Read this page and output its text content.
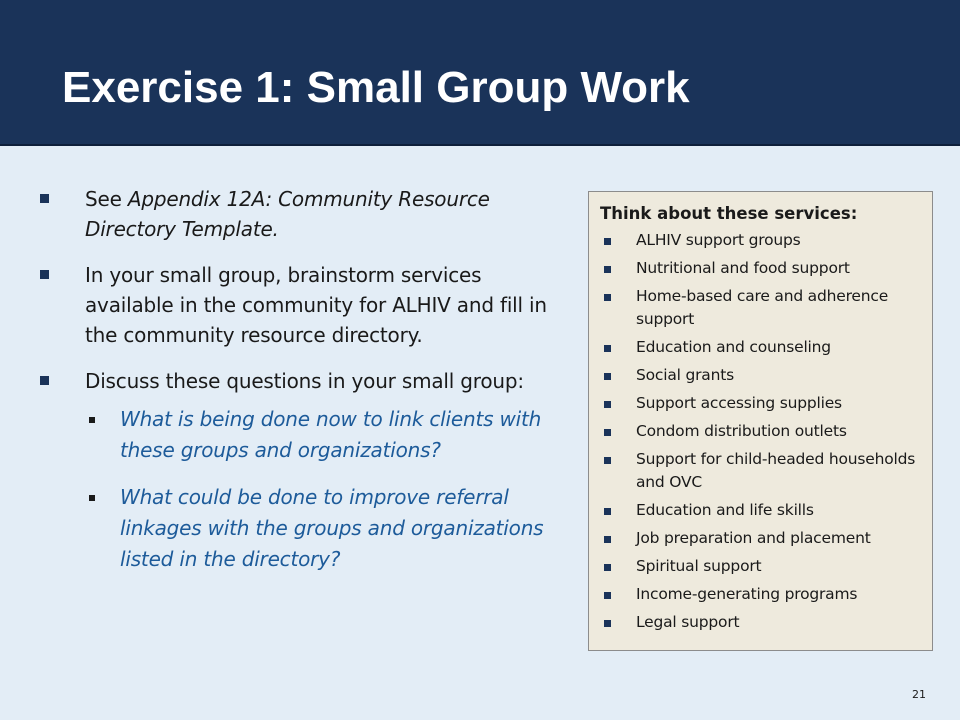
Exercise 1: Small Group Work
See Appendix 12A: Community Resource Directory Template.
In your small group, brainstorm services available in the community for ALHIV and fill in the community resource directory.
Discuss these questions in your small group:
What is being done now to link clients with these groups and organizations?
What could be done to improve referral linkages with the groups and organizations listed in the directory?

Think about these services:

ALHIV support groups
Nutritional and food support
Home-based care and adherence support
Education and counseling
Social grants
Support accessing supplies
Condom distribution outlets
Support for child-headed households and OVC
Education and life skills
Job preparation and placement
Spiritual support
Income-generating programs
Legal support
21
